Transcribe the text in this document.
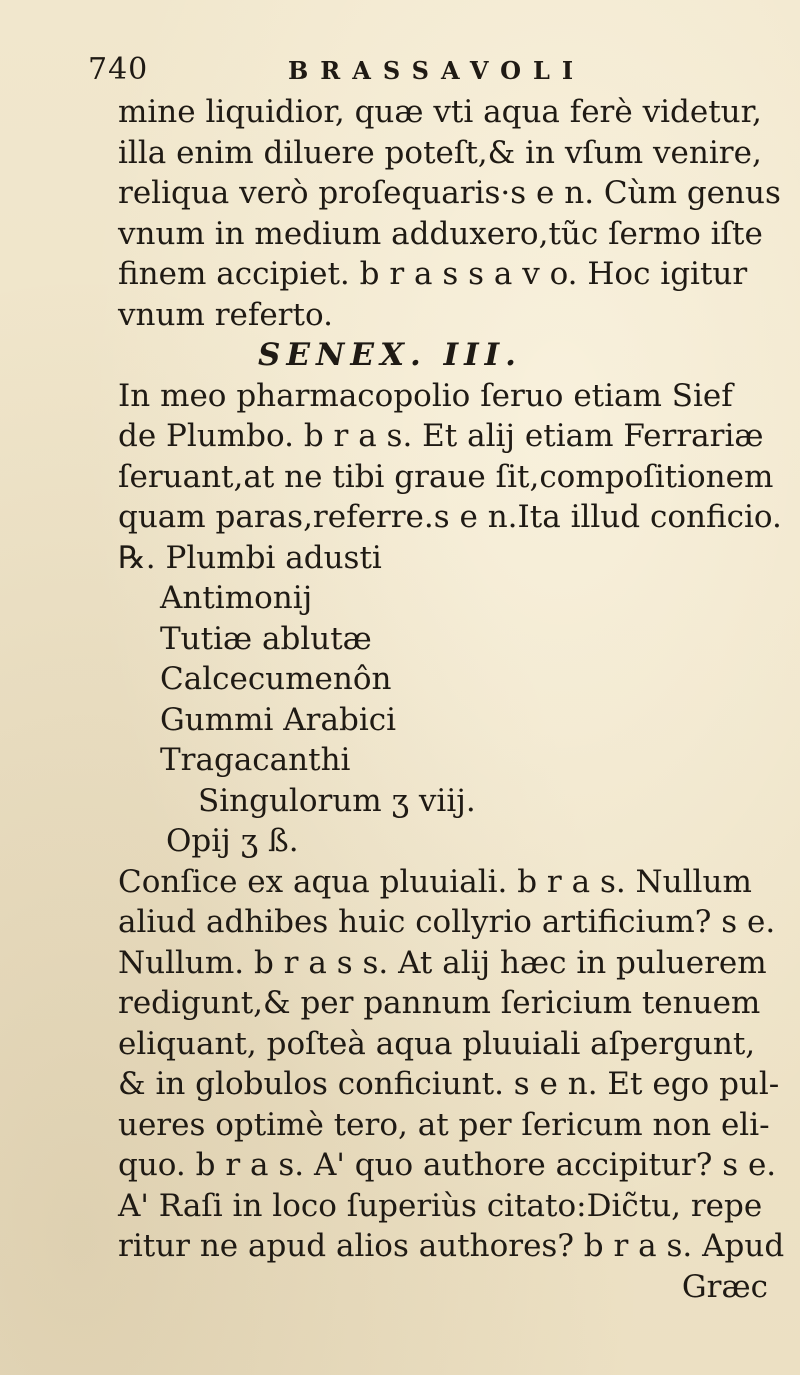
740	BRASSAVOLI
mine liquidior, quæ vti aqua ferè videtur,
illa enim diluere poteſt,& in vſum venire,
reliqua verò proſequaris·s e n. Cùm genus
vnum in medium adduxero,tũc ſermo iſte
finem accipiet. b r a s s a v o. Hoc igitur
vnum referto.
SENEX. III.
In meo pharmacopolio ſeruo etiam Sief
de Plumbo. b r a s. Et alij etiam Ferrariæ
ſeruant,at ne tibi graue ſit,compoſitionem
quam paras,referre.s e n.Ita illud conficio.
℞. Plumbi adusti
Antimonij
Tutiæ ablutæ
Calcecumenôn
Gummi Arabici
Tragacanthi
Singulorum ʒ viij.
Opij ʒ ß.
Conſice ex aqua pluuiali. b r a s. Nullum
aliud adhibes huic collyrio artificium? s e.
Nullum. b r a s s. At alij hæc in puluerem
redigunt,& per pannum ſericium tenuem
eliquant, poſteà aqua pluuiali aſpergunt,
& in globulos conficiunt. s e n. Et ego pul-
ueres optimè tero, at per ſericum non eli-
quo. b r a s. A' quo authore accipitur? s e.
A' Raſi in loco ſuperiùs citato:Dic̃tu, repe
ritur ne apud alios authores? b r a s. Apud
Græc
